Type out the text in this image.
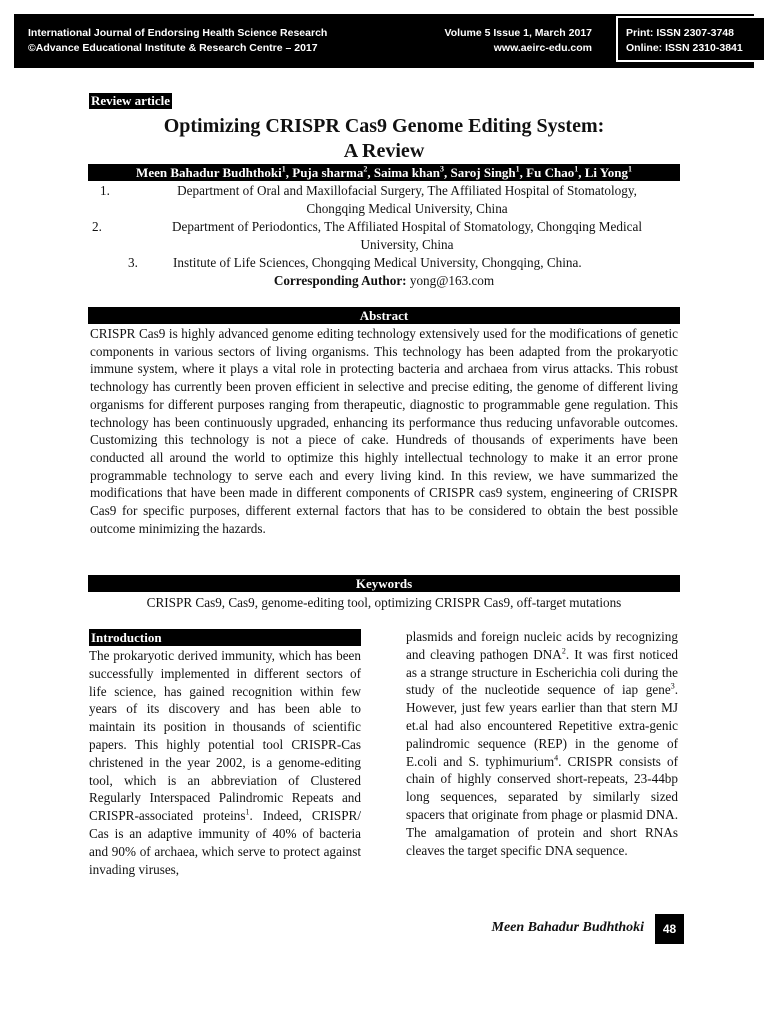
International Journal of Endorsing Health Science Research
©Advance Educational Institute & Research Centre – 2017
Volume 5 Issue 1, March 2017
www.aeirc-edu.com
Print: ISSN 2307-3748
Online: ISSN 2310-3841
Review article
Optimizing CRISPR Cas9 Genome Editing System:
A Review
Meen Bahadur Budhthoki$^1$, Puja sharma$^2$, Saima khan$^3$, Saroj Singh$^1$, Fu Chao$^1$, Li Yong$^1$
1.	Department of Oral and Maxillofacial Surgery, The Affiliated Hospital of Stomatology,
Chongqing Medical University, China
2.	Department of Periodontics, The Affiliated Hospital of Stomatology, Chongqing Medical
University, China
3.	Institute of Life Sciences, Chongqing Medical University, Chongqing, China.
Corresponding Author: yong@163.com
Abstract
CRISPR Cas9 is highly advanced genome editing technology extensively used for the modifications of genetic components in various sectors of living organisms. This technology has been adapted from the prokaryotic immune system, where it plays a vital role in protecting bacteria and archaea from virus attacks. This robust technology has currently been proven efficient in selective and precise editing, the genome of different living organisms for different purposes ranging from therapeutic, diagnostic to programmable gene regulation. This technology has been continuously upgraded, enhancing its performance thus reducing unfavorable outcomes. Customizing this technology is not a piece of cake. Hundreds of thousands of experiments have been conducted all around the world to optimize this highly intellectual technology to make it an error prone programmable technology to serve each and every living kind. In this review, we have summarized the modifications that have been made in different components of CRISPR cas9 system, engineering of CRISPR Cas9 for specific purposes, different external factors that has to be considered to obtain the best possible outcome minimizing the hazards.
Keywords
CRISPR Cas9, Cas9, genome-editing tool, optimizing CRISPR Cas9, off-target mutations
Introduction
The prokaryotic derived immunity, which has been successfully implemented in different sectors of life science, has gained recognition within few years of its discovery and has been able to maintain its position in thousands of scientific papers. This highly potential tool CRISPR-Cas christened in the year 2002, is a genome-editing tool, which is an abbreviation of Clustered Regularly Interspaced Palindromic Repeats and CRISPR-associated proteins$^1$. Indeed, CRISPR/ Cas is an adaptive immunity of 40% of bacteria and 90% of archaea, which serve to protect against invading viruses,
plasmids and foreign nucleic acids by recognizing and cleaving pathogen DNA$^2$. It was first noticed as a strange structure in Escherichia coli during the study of the nucleotide sequence of iap gene$^3$. However, just few years earlier than that stern MJ et.al had also encountered Repetitive extra-genic palindromic sequence (REP) in the genome of E.coli and S. typhimurium$^4$. CRISPR consists of chain of highly conserved short-repeats, 23-44bp long sequences, separated by similarly sized spacers that originate from phage or plasmid DNA. The amalgamation of protein and short RNAs cleaves the target specific DNA sequence.
Meen Bahadur Budhthoki	48
